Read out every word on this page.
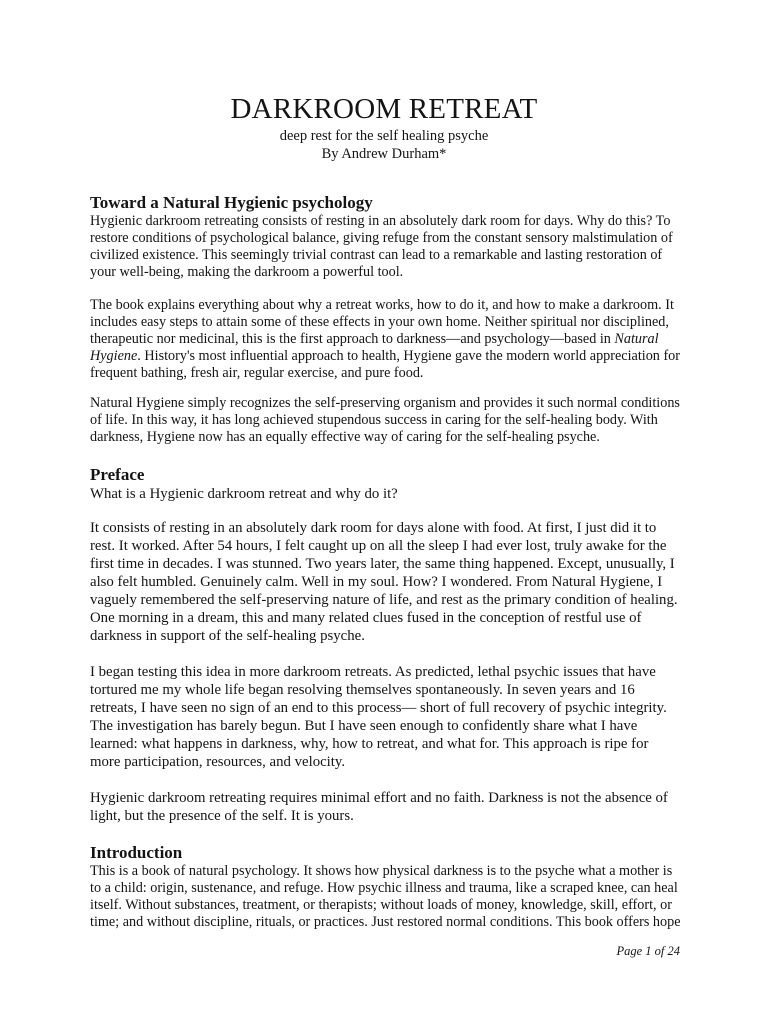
DARKROOM RETREAT
deep rest for the self healing psyche
By Andrew Durham*
Toward a Natural Hygienic psychology

Hygienic darkroom retreating consists of resting in an absolutely dark room for days. Why do this? To restore conditions of psychological balance, giving refuge from the constant sensory malstimulation of civilized existence. This seemingly trivial contrast can lead to a remarkable and lasting restoration of your well-being, making the darkroom a powerful tool.

The book explains everything about why a retreat works, how to do it, and how to make a darkroom. It includes easy steps to attain some of these effects in your own home. Neither spiritual nor disciplined, therapeutic nor medicinal, this is the first approach to darkness—and psychology—based in Natural Hygiene. History's most influential approach to health, Hygiene gave the modern world appreciation for frequent bathing, fresh air, regular exercise, and pure food.

Natural Hygiene simply recognizes the self-preserving organism and provides it such normal conditions of life. In this way, it has long achieved stupendous success in caring for the self-healing body. With darkness, Hygiene now has an equally effective way of caring for the self-healing psyche.

Preface

What is a Hygienic darkroom retreat and why do it?

It consists of resting in an absolutely dark room for days alone with food. At first, I just did it to rest. It worked. After 54 hours, I felt caught up on all the sleep I had ever lost, truly awake for the first time in decades. I was stunned. Two years later, the same thing happened. Except, unusually, I also felt humbled. Genuinely calm. Well in my soul. How? I wondered. From Natural Hygiene, I vaguely remembered the self-preserving nature of life, and rest as the primary condition of healing. One morning in a dream, this and many related clues fused in the conception of restful use of darkness in support of the self-healing psyche.

I began testing this idea in more darkroom retreats. As predicted, lethal psychic issues that have tortured me my whole life began resolving themselves spontaneously. In seven years and 16 retreats, I have seen no sign of an end to this process— short of full recovery of psychic integrity. The investigation has barely begun. But I have seen enough to confidently share what I have learned: what happens in darkness, why, how to retreat, and what for. This approach is ripe for more participation, resources, and velocity.

Hygienic darkroom retreating requires minimal effort and no faith. Darkness is not the absence of light, but the presence of the self. It is yours.

Introduction

This is a book of natural psychology. It shows how physical darkness is to the psyche what a mother is to a child: origin, sustenance, and refuge. How psychic illness and trauma, like a scraped knee, can heal itself. Without substances, treatment, or therapists; without loads of money, knowledge, skill, effort, or time; and without discipline, rituals, or practices. Just restored normal conditions. This book offers hope

Page 1 of 24
